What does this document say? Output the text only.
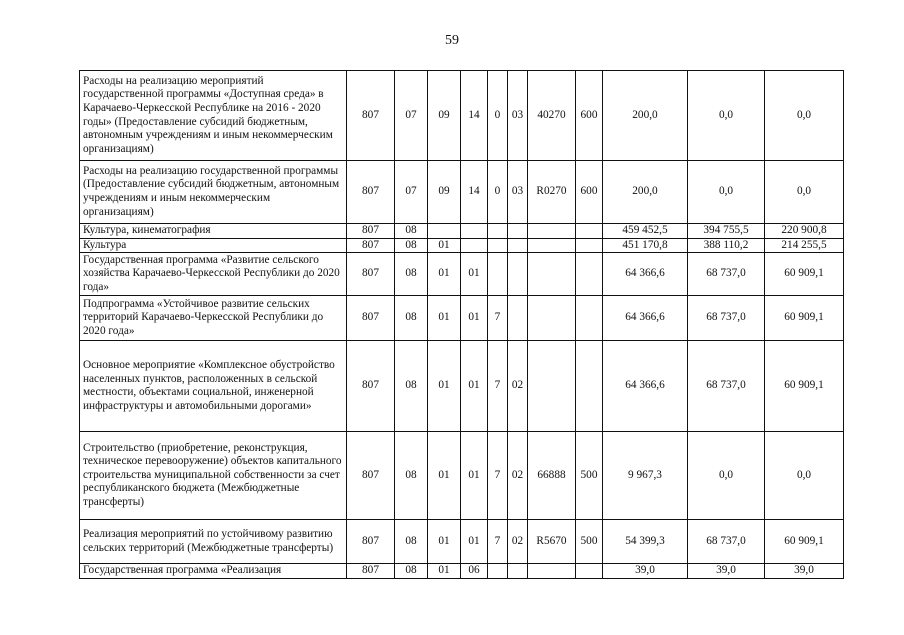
59
Расходы на реализацию мероприятий государственной программы «Доступная среда» в Карачаево-Черкесской Республике на 2016 - 2020 годы» (Предоставление субсидий бюджетным, автономным учреждениям и иным некоммерческим организациям)	807	07	09	14	0	03	40270	600	200,0	0,0	0,0
Расходы на реализацию государственной программы (Предоставление субсидий бюджетным, автономным учреждениям и иным некоммерческим организациям)	807	07	09	14	0	03	R0270	600	200,0	0,0	0,0
Культура, кинематография	807	08							459 452,5	394 755,5	220 900,8
Культура	807	08	01						451 170,8	388 110,2	214 255,5
Государственная программа «Развитие сельского хозяйства Карачаево-Черкесской Республики до 2020 года»	807	08	01	01					64 366,6	68 737,0	60 909,1
Подпрограмма «Устойчивое развитие сельских территорий Карачаево-Черкесской Республики до 2020 года»	807	08	01	01	7				64 366,6	68 737,0	60 909,1
Основное мероприятие «Комплексное обустройство населенных пунктов, расположенных в сельской местности, объектами социальной, инженерной инфраструктуры и автомобильными дорогами»	807	08	01	01	7	02			64 366,6	68 737,0	60 909,1
Строительство (приобретение, реконструкция, техническое перевооружение) объектов капитального строительства муниципальной собственности за счет республиканского бюджета (Межбюджетные трансферты)	807	08	01	01	7	02	66888	500	9 967,3	0,0	0,0
Реализация мероприятий по устойчивому развитию сельских территорий (Межбюджетные трансферты)	807	08	01	01	7	02	R5670	500	54 399,3	68 737,0	60 909,1
Государственная программа «Реализация	807	08	01	06					39,0	39,0	39,0
